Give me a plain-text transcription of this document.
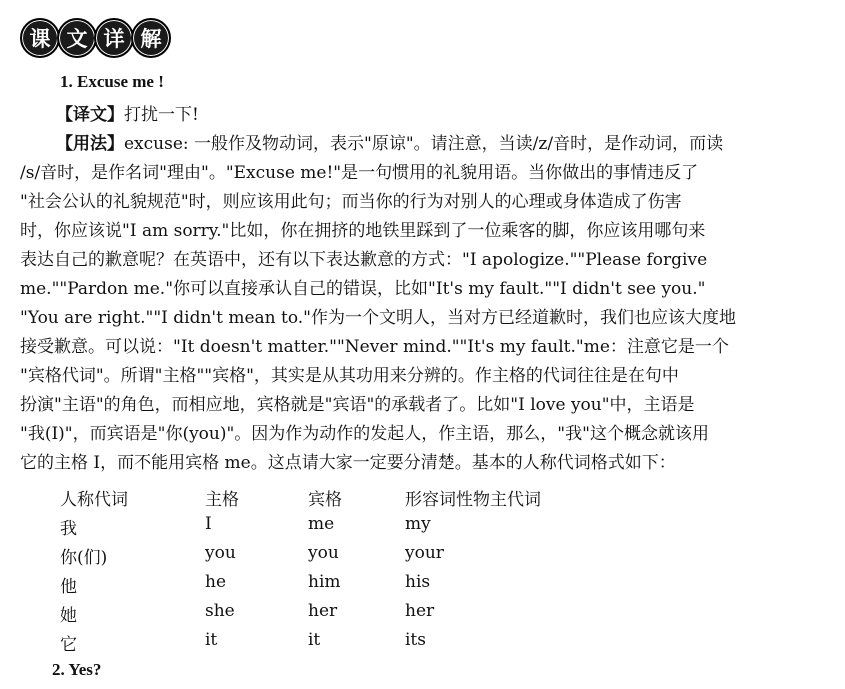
课 文 详 解
1. Excuse me !
【译文】打扰一下!
【用法】excuse: 一般作及物动词，表示"原谅"。请注意，当读/z/音时，是作动词，而读
/s/音时，是作名词"理由"。"Excuse me!"是一句惯用的礼貌用语。当你做出的事情违反了
"社会公认的礼貌规范"时，则应该用此句；而当你的行为对别人的心理或身体造成了伤害
时，你应该说"I am sorry."比如，你在拥挤的地铁里踩到了一位乘客的脚，你应该用哪句来
表达自己的歉意呢？在英语中，还有以下表达歉意的方式："I apologize.""Please forgive
me.""Pardon me."你可以直接承认自己的错误，比如"It's my fault.""I didn't see you."
"You are right.""I didn't mean to."作为一个文明人，当对方已经道歉时，我们也应该大度地
接受歉意。可以说："It doesn't matter.""Never mind.""It's my fault."me：注意它是一个
"宾格代词"。所谓"主格""宾格"，其实是从其功用来分辨的。作主格的代词往往是在句中
扮演"主语"的角色，而相应地，宾格就是"宾语"的承载者了。比如"I love you"中，主语是
"我(I)"，而宾语是"你(you)"。因为作为动作的发起人，作主语，那么，"我"这个概念就该用
它的主格 I，而不能用宾格 me。这点请大家一定要分清楚。基本的人称代词格式如下：
人称代词	主格	宾格	形容词性物主代词
我	I	me	my
你(们)	you	you	your
他	he	him	his
她	she	her	her
它	it	it	its
2. Yes?
